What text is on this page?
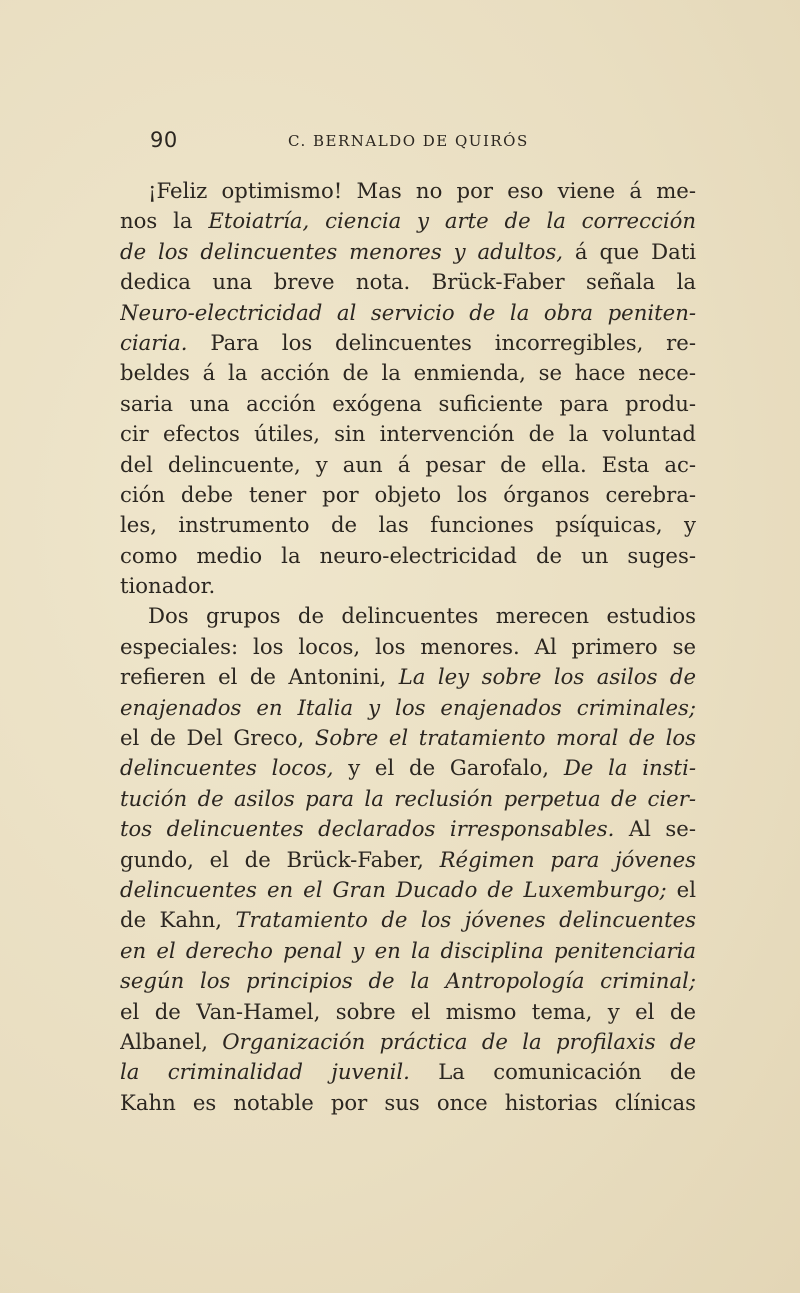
90	C. BERNALDO DE QUIRÓS
¡Feliz optimismo! Mas no por eso viene á me-
nos la Etoiatría, ciencia y arte de la corrección
de los delincuentes menores y adultos, á que Dati
dedica una breve nota. Brück-Faber señala la
Neuro-electricidad al servicio de la obra peniten-
ciaria. Para los delincuentes incorregibles, re-
beldes á la acción de la enmienda, se hace nece-
saria una acción exógena suficiente para produ-
cir efectos útiles, sin intervención de la voluntad
del delincuente, y aun á pesar de ella. Esta ac-
ción debe tener por objeto los órganos cerebra-
les, instrumento de las funciones psíquicas, y
como medio la neuro-electricidad de un suges-
tionador.
Dos grupos de delincuentes merecen estudios
especiales: los locos, los menores. Al primero se
refieren el de Antonini, La ley sobre los asilos de
enajenados en Italia y los enajenados criminales;
el de Del Greco, Sobre el tratamiento moral de los
delincuentes locos, y el de Garofalo, De la insti-
tución de asilos para la reclusión perpetua de cier-
tos delincuentes declarados irresponsables. Al se-
gundo, el de Brück-Faber, Régimen para jóvenes
delincuentes en el Gran Ducado de Luxemburgo; el
de Kahn, Tratamiento de los jóvenes delincuentes
en el derecho penal y en la disciplina penitenciaria
según los principios de la Antropología criminal;
el de Van-Hamel, sobre el mismo tema, y el de
Albanel, Organización práctica de la profilaxis de
la criminalidad juvenil. La comunicación de
Kahn es notable por sus once historias clínicas
